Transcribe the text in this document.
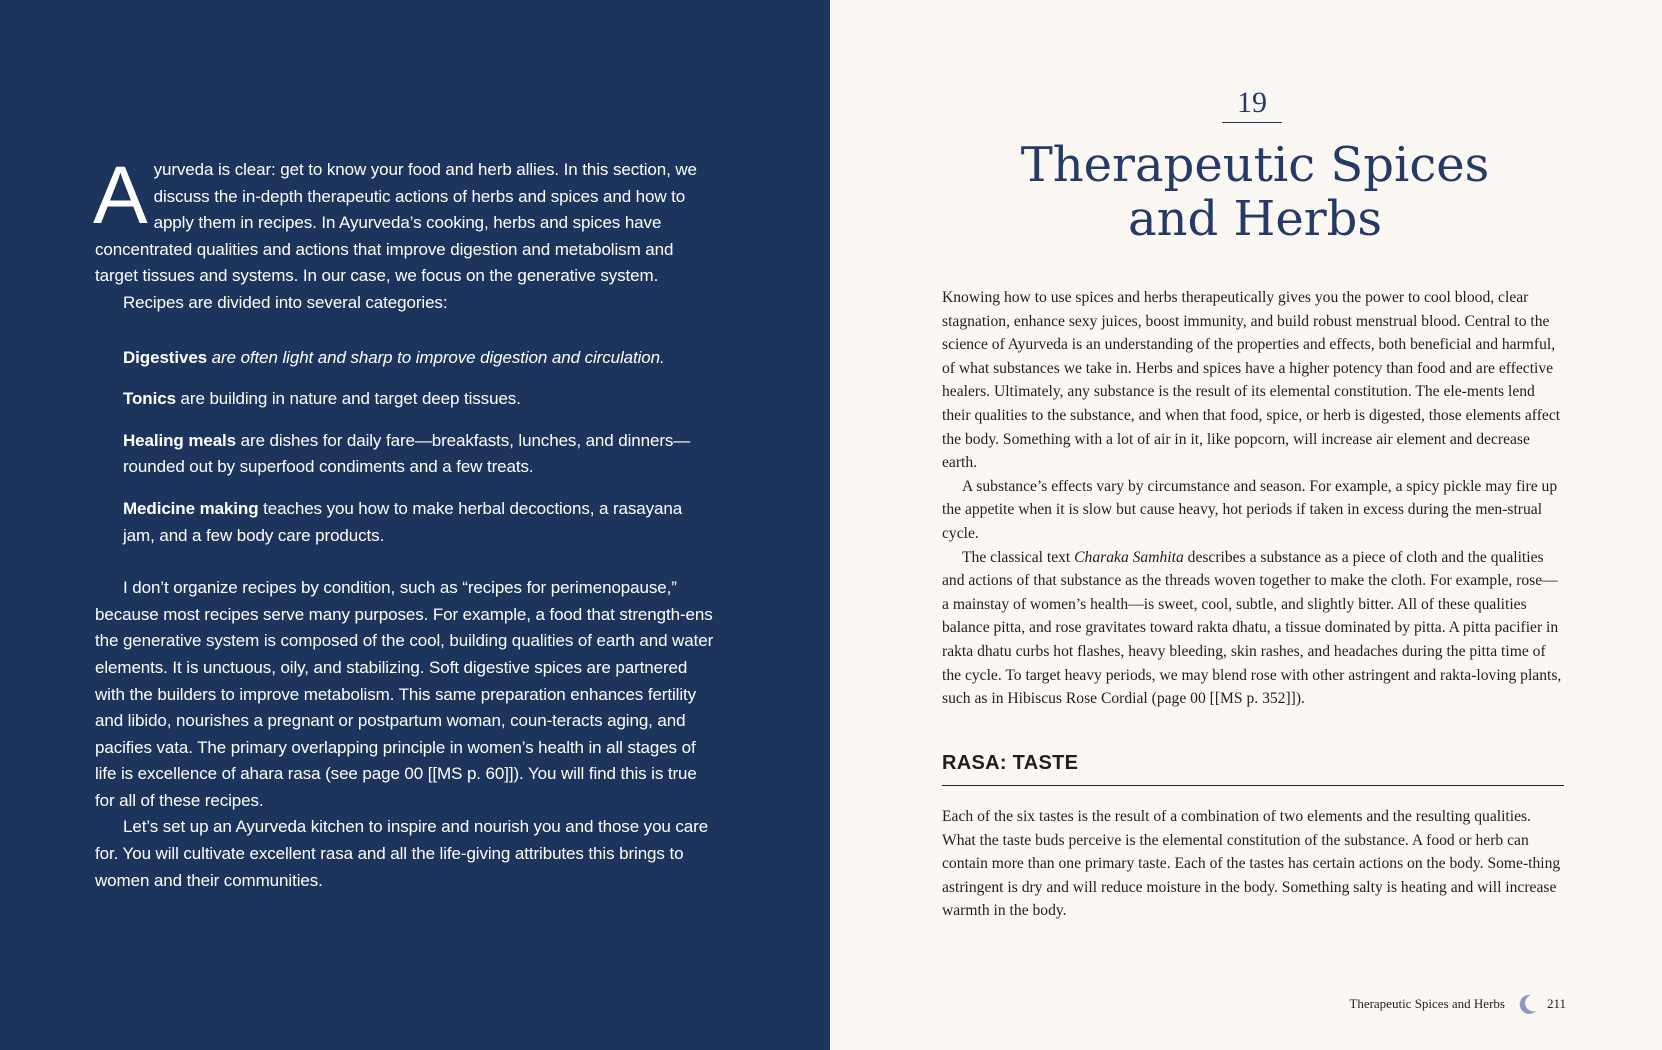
Ayurveda is clear: get to know your food and herb allies. In this section, we discuss the in-depth therapeutic actions of herbs and spices and how to apply them in recipes. In Ayurveda’s cooking, herbs and spices have concentrated qualities and actions that improve digestion and metabolism and target tissues and systems. In our case, we focus on the generative system.

Recipes are divided into several categories:

Digestives are often light and sharp to improve digestion and circulation.

Tonics are building in nature and target deep tissues.

Healing meals are dishes for daily fare—breakfasts, lunches, and dinners—rounded out by superfood condiments and a few treats.

Medicine making teaches you how to make herbal decoctions, a rasayana jam, and a few body care products.

I don’t organize recipes by condition, such as “recipes for perimenopause,” because most recipes serve many purposes. For example, a food that strength-ens the generative system is composed of the cool, building qualities of earth and water elements. It is unctuous, oily, and stabilizing. Soft digestive spices are partnered with the builders to improve metabolism. This same preparation enhances fertility and libido, nourishes a pregnant or postpartum woman, coun-teracts aging, and pacifies vata. The primary overlapping principle in women’s health in all stages of life is excellence of ahara rasa (see page 00 [[MS p. 60]]). You will find this is true for all of these recipes.

Let’s set up an Ayurveda kitchen to inspire and nourish you and those you care for. You will cultivate excellent rasa and all the life-giving attributes this brings to women and their communities.

19
Therapeutic Spices
and Herbs

Knowing how to use spices and herbs therapeutically gives you the power to cool blood, clear stagnation, enhance sexy juices, boost immunity, and build robust menstrual blood. Central to the science of Ayurveda is an understanding of the properties and effects, both beneficial and harmful, of what substances we take in. Herbs and spices have a higher potency than food and are effective healers. Ultimately, any substance is the result of its elemental constitution. The ele-ments lend their qualities to the substance, and when that food, spice, or herb is digested, those elements affect the body. Something with a lot of air in it, like popcorn, will increase air element and decrease earth.

A substance’s effects vary by circumstance and season. For example, a spicy pickle may fire up the appetite when it is slow but cause heavy, hot periods if taken in excess during the men-strual cycle.

The classical text Charaka Samhita describes a substance as a piece of cloth and the qualities and actions of that substance as the threads woven together to make the cloth. For example, rose—a mainstay of women’s health—is sweet, cool, subtle, and slightly bitter. All of these qualities balance pitta, and rose gravitates toward rakta dhatu, a tissue dominated by pitta. A pitta pacifier in rakta dhatu curbs hot flashes, heavy bleeding, skin rashes, and headaches during the pitta time of the cycle. To target heavy periods, we may blend rose with other astringent and rakta-loving plants, such as in Hibiscus Rose Cordial (page 00 [[MS p. 352]]).

RASA: TASTE

Each of the six tastes is the result of a combination of two elements and the resulting qualities. What the taste buds perceive is the elemental constitution of the substance. A food or herb can contain more than one primary taste. Each of the tastes has certain actions on the body. Some-thing astringent is dry and will reduce moisture in the body. Something salty is heating and will increase warmth in the body.

Therapeutic Spices and Herbs	211
